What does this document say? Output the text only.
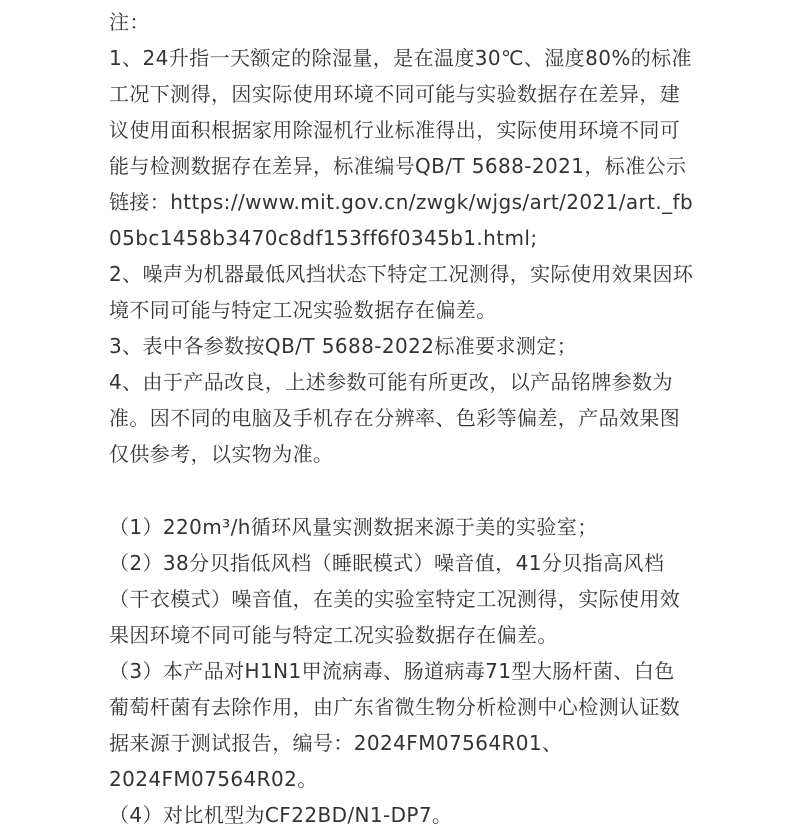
注：
1、24升指一天额定的除湿量，是在温度30℃、湿度80%的标准
工况下测得，因实际使用环境不同可能与实验数据存在差异，建
议使用面积根据家用除湿机行业标准得出，实际使用环境不同可
能与检测数据存在差异，标准编号QB/T 5688-2021，标准公示
链接：https://www.mit.gov.cn/zwgk/wjgs/art/2021/art._fb
05bc1458b3470c8df153ff6f0345b1.html;
2、噪声为机器最低风挡状态下特定工况测得，实际使用效果因环
境不同可能与特定工况实验数据存在偏差。
3、表中各参数按QB/T 5688-2022标准要求测定；
4、由于产品改良，上述参数可能有所更改，以产品铭牌参数为
准。因不同的电脑及手机存在分辨率、色彩等偏差，产品效果图
仅供参考，以实物为准。
（1）220m³/h循环风量实测数据来源于美的实验室；
（2）38分贝指低风档（睡眠模式）噪音值，41分贝指高风档
（干衣模式）噪音值，在美的实验室特定工况测得，实际使用效
果因环境不同可能与特定工况实验数据存在偏差。
（3）本产品对H1N1甲流病毒、肠道病毒71型大肠杆菌、白色
葡萄杆菌有去除作用，由广东省微生物分析检测中心检测认证数
据来源于测试报告，编号：2024FM07564R01、
2024FM07564R02。
（4）对比机型为CF22BD/N1-DP7。
